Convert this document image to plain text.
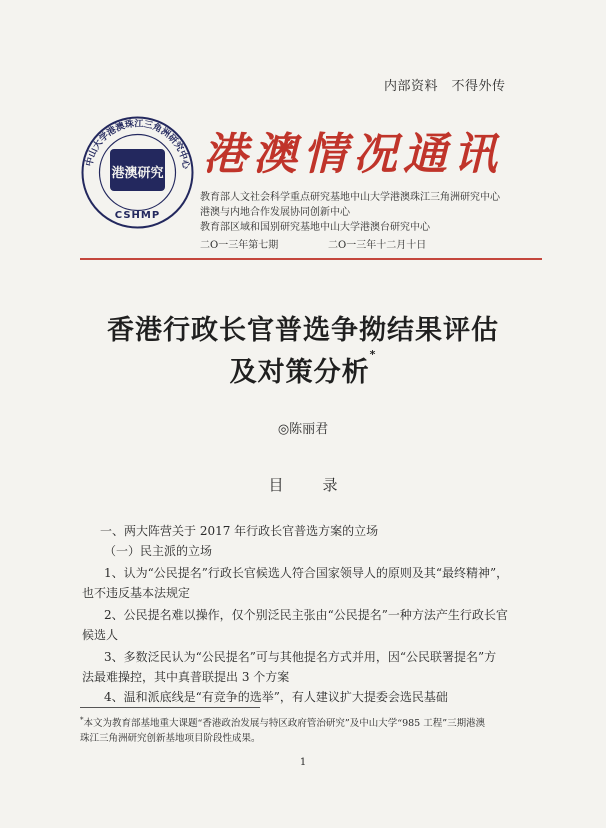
内部资料　不得外传
中山大学港澳珠江三角洲研究中心
港澳研究
CSHMP
港澳情况通讯
教育部人文社会科学重点研究基地中山大学港澳珠江三角洲研究中心
港澳与内地合作发展协同创新中心
教育部区域和国别研究基地中山大学港澳台研究中心
二O一三年第七期	二O一三年十二月十日
香港行政长官普选争拗结果评估
及对策分析*
◎陈丽君
目　录
一、两大阵营关于 2017 年行政长官普选方案的立场
（一）民主派的立场
1、认为“公民提名”行政长官候选人符合国家领导人的原则及其“最终精神”，
也不违反基本法规定
2、公民提名难以操作，仅个别泛民主张由“公民提名”一种方法产生行政长官
候选人
3、多数泛民认为“公民提名”可与其他提名方式并用，因“公民联署提名”方
法最难操控，其中真普联提出 3 个方案
4、温和派底线是“有竞争的选举”，有人建议扩大提委会选民基础
*本文为教育部基地重大课题“香港政治发展与特区政府管治研究”及中山大学“985 工程”三期港澳
珠江三角洲研究创新基地项目阶段性成果。
1
